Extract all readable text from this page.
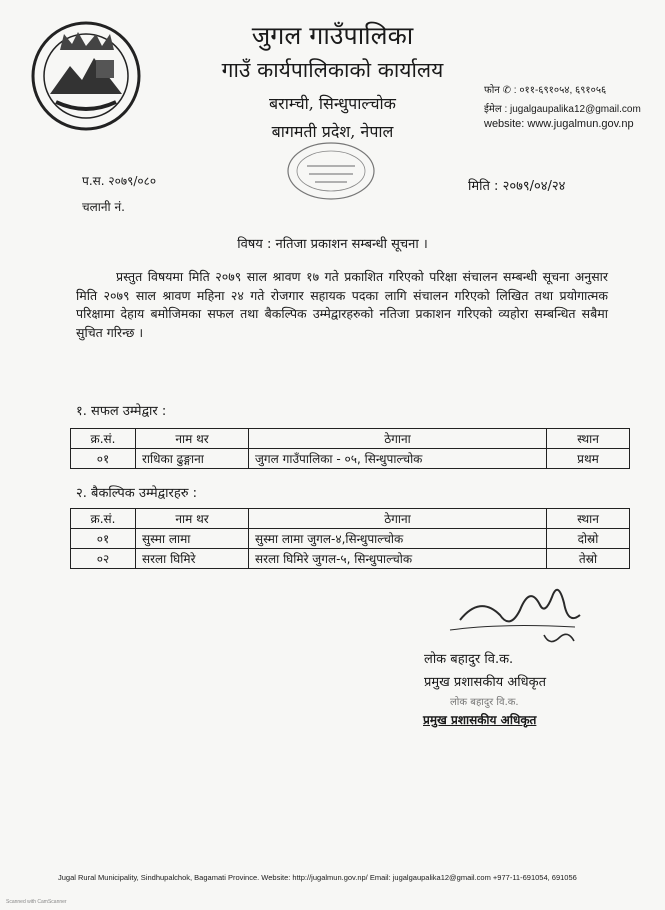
जुगल गाउँपालिका
गाउँ कार्यपालिकाको कार्यालय
बराम्ची, सिन्धुपाल्चोक
बागमती प्रदेश, नेपाल
फोन ✆ : ०११-६९१०५४, ६९१०५६
ईमेल : jugalgaupalika12@gmail.com
website: www.jugalmun.gov.np
प.स. २०७९/०८०	मिति : २०७९/०४/२४
चलानी नं.
विषय : नतिजा प्रकाशन सम्बन्धी सूचना ।
प्रस्तुत विषयमा मिति २०७९ साल श्रावण १७ गते प्रकाशित गरिएको परिक्षा संचालन सम्बन्धी सूचना अनुसार मिति २०७९ साल श्रावण महिना २४ गते रोजगार सहायक पदका लागि संचालन गरिएको लिखित तथा प्रयोगात्मक परिक्षामा देहाय बमोजिमका सफल तथा बैकल्पिक उम्मेद्वारहरुको नतिजा प्रकाशन गरिएको व्यहोरा सम्बन्धित सबैमा सुचित गरिन्छ ।
१. सफल उम्मेद्वार :
क्र.सं.	नाम थर	ठेगाना	स्थान
०१	राधिका ढुङ्गाना	जुगल गाउँपालिका - ०५, सिन्धुपाल्चोक	प्रथम
२. बैकल्पिक उम्मेद्वारहरु :
क्र.सं.	नाम थर	ठेगाना	स्थान
०१	सुस्मा लामा	सुस्मा लामा जुगल-४,सिन्धुपाल्चोक	दोस्रो
०२	सरला घिमिरे	सरला घिमिरे जुगल-५, सिन्धुपाल्चोक	तेस्रो
लोक बहादुर वि.क.
प्रमुख प्रशासकीय अधिकृत
लोक बहादुर वि.क.
प्रमुख प्रशासकीय अधिकृत
Jugal Rural Municipality, Sindhupalchok, Bagamati Province. Website: http://jugalmun.gov.np/ Email: jugalgaupalika12@gmail.com +977-11-691054, 691056
Scanned with CamScanner
